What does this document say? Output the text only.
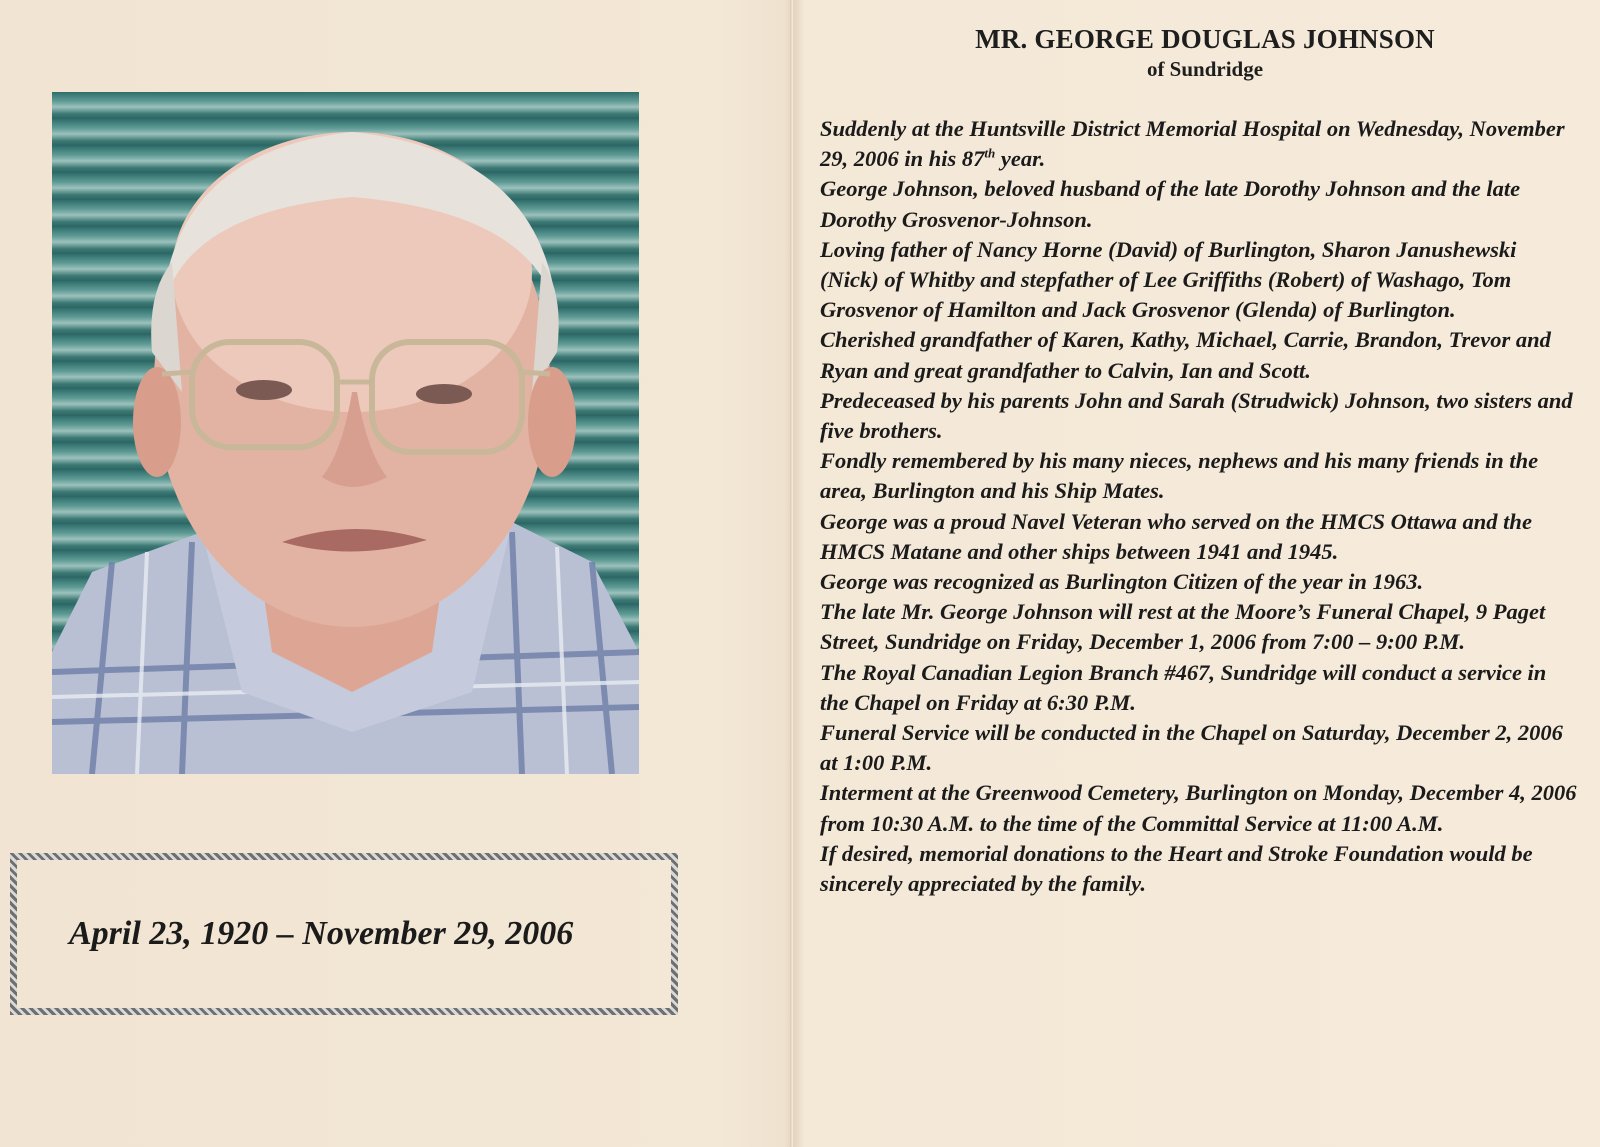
April 23, 1920 – November 29, 2006
MR. GEORGE DOUGLAS JOHNSON
of Sundridge

Suddenly at the Huntsville District Memorial Hospital on Wednesday, November 29, 2006 in his 87th year.

George Johnson, beloved husband of the late Dorothy Johnson and the late Dorothy Grosvenor-Johnson.

Loving father of Nancy Horne (David) of Burlington, Sharon Janushewski (Nick) of Whitby and stepfather of Lee Griffiths (Robert) of Washago, Tom Grosvenor of Hamilton and Jack Grosvenor (Glenda) of Burlington.

Cherished grandfather of Karen, Kathy, Michael, Carrie, Brandon, Trevor and Ryan and great grandfather to Calvin, Ian and Scott.

Predeceased by his parents John and Sarah (Strudwick) Johnson, two sisters and five brothers.

Fondly remembered by his many nieces, nephews and his many friends in the area, Burlington and his Ship Mates.

George was a proud Navel Veteran who served on the HMCS Ottawa and the HMCS Matane and other ships between 1941 and 1945.

George was recognized as Burlington Citizen of the year in 1963.

The late Mr. George Johnson will rest at the Moore’s Funeral Chapel, 9 Paget Street, Sundridge on Friday, December 1, 2006 from 7:00 – 9:00 P.M.

The Royal Canadian Legion Branch #467, Sundridge will conduct a service in the Chapel on Friday at 6:30 P.M.

Funeral Service will be conducted in the Chapel on Saturday, December 2, 2006 at 1:00 P.M.

Interment at the Greenwood Cemetery, Burlington on Monday, December 4, 2006 from 10:30 A.M. to the time of the Committal Service at 11:00 A.M.

If desired, memorial donations to the Heart and Stroke Foundation would be sincerely appreciated by the family.
